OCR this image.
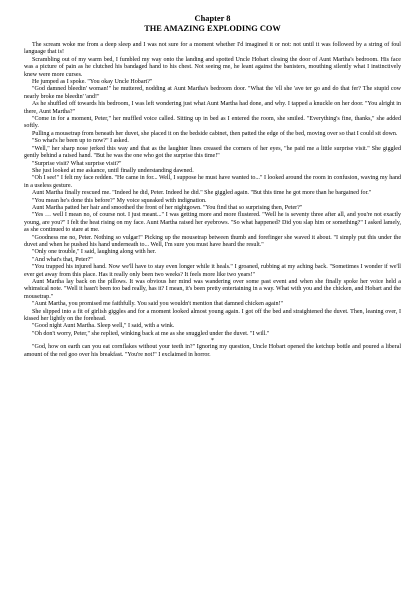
Chapter 8
THE AMAZING EXPLODING COW

The scream woke me from a deep sleep and I was not sure for a moment whether I'd imagined it or not: not until it was followed by a string of foul language that is!

Scrambling out of my warm bed, I fumbled my way onto the landing and spotted Uncle Hobart closing the door of Aunt Martha's bedroom. His face was a picture of pain as he clutched his bandaged hand to his chest. Not seeing me, he leant against the banisters, mouthing silently what I instinctively knew were more curses.

He jumped as I spoke. "You okay Uncle Hobart?"

"God damned bleedin' woman!" he muttered, nodding at Aunt Martha's bedroom door. "What the 'ell she 'ave ter go and do that fer? The stupid cow nearly broke me bleedin' 'and!"

As he shuffled off towards his bedroom, I was left wondering just what Aunt Martha had done, and why. I tapped a knuckle on her door. "You alright in there, Aunt Martha?"

"Come in for a moment, Peter," her muffled voice called. Sitting up in bed as I entered the room, she smiled. "Everything's fine, thanks," she added softly.

Pulling a mousetrap from beneath her duvet, she placed it on the bedside cabinet, then patted the edge of the bed, moving over so that I could sit down.

"So what's he been up to now?" I asked.

"Well," her sharp nose jerked this way and that as the laughter lines creased the corners of her eyes, "he paid me a little surprise visit." She giggled gently behind a raised hand. "But he was the one who got the surprise this time!"

"Surprise visit? What surprise visit?"

She just looked at me askance, until finally understanding dawned.

"Oh I see!" I felt my face redden. "He came in for... Well, I suppose he must have wanted to..." I looked around the room in confusion, waving my hand in a useless gesture.

Aunt Martha finally rescued me. "Indeed he did, Peter. Indeed he did." She giggled again. "But this time he got more than he bargained for."

"You mean he's done this before?" My voice squeaked with indignation.

Aunt Martha patted her hair and smoothed the front of her nightgown. "You find that so surprising then, Peter?"

"Yes … well I mean no, of course not. I just meant..." I was getting more and more flustered. "Well he is seventy three after all, and you're not exactly young, are you?" I felt the heat rising on my face. Aunt Martha raised her eyebrows. "So what happened? Did you slap him or something?" I asked lamely, as she continued to stare at me.

"Goodness me no, Peter. Nothing so vulgar!" Picking up the mousetrap between thumb and forefinger she waved it about. "I simply put this under the duvet and when he pushed his hand underneath to... Well, I'm sure you must have heard the result."

"Only one trouble," I said, laughing along with her.

"And what's that, Peter?"

"You trapped his injured hand. Now we'll have to stay even longer while it heals." I groaned, rubbing at my aching back. "Sometimes I wonder if we'll ever get away from this place. Has it really only been two weeks? It feels more like two years!"

Aunt Martha lay back on the pillows. It was obvious her mind was wandering over some past event and when she finally spoke her voice held a whimsical note. "Well it hasn't been too bad really, has it? I mean, it's been pretty entertaining in a way. What with you and the chicken, and Hobart and the mousetrap."

"Aunt Martha, you promised me faithfully. You said you wouldn't mention that damned chicken again!"

She slipped into a fit of girlish giggles and for a moment looked almost young again. I got off the bed and straightened the duvet. Then, leaning over, I kissed her lightly on the forehead.

"Good night Aunt Martha. Sleep well," I said, with a wink.

"Oh don't worry, Peter," she replied, winking back at me as she snuggled under the duvet. "I will."

*

"God, how on earth can you eat cornflakes without your teeth in?" Ignoring my question, Uncle Hobart opened the ketchup bottle and poured a liberal amount of the red goo over his breakfast. "You're not!" I exclaimed in horror.
